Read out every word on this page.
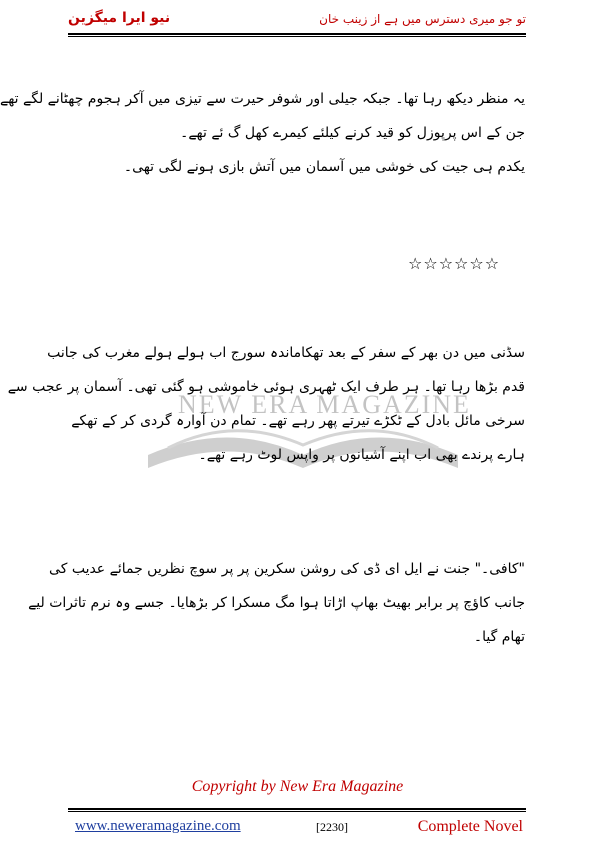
نیو ایرا میگزین	تو جو میری دسترس میں ہے از زینب خان
یہ منظر دیکھ رہا تھا۔ جبکہ جیلی اور شوفر حیرت سے تیزی میں آکر ہجوم چھٹانے لگے تھے
جن کے اس پرپوزل کو قید کرنے کیلئے کیمرے کھل گ ئے تھے۔
یکدم ہی جیت کی خوشی میں آسمان میں آتش بازی ہونے لگی تھی۔
☆☆☆☆☆☆
NEW ERA MAGAZINE
سڈنی میں دن بھر کے سفر کے بعد تھکاماندہ سورج اب ہولے ہولے مغرب کی جانب
قدم بڑھا رہا تھا۔ ہر طرف ایک ٹھہری ہوئی خاموشی ہو گئی تھی۔ آسمان پر عجب سے
سرخی مائل بادل کے ٹکڑے تیرتے پھر رہے تھے۔ تمام دن آوارہ گردی کر کے تھکے
ہارے پرندے بھی اب اپنے آشیانوں پر واپس لوٹ رہے تھے۔
"کافی۔" جنت نے ایل ای ڈی کی روشن سکرین پر پر سوچ نظریں جمائے عدیب کی
جانب کاؤچ پر برابر بھیٹ بھاپ اڑاتا ہوا مگ مسکرا کر بڑھایا۔ جسے وہ نرم تاثرات لیے
تھام گیا۔
Copyright by New Era Magazine
www.neweramagazine.com	[2230]	Complete Novel
